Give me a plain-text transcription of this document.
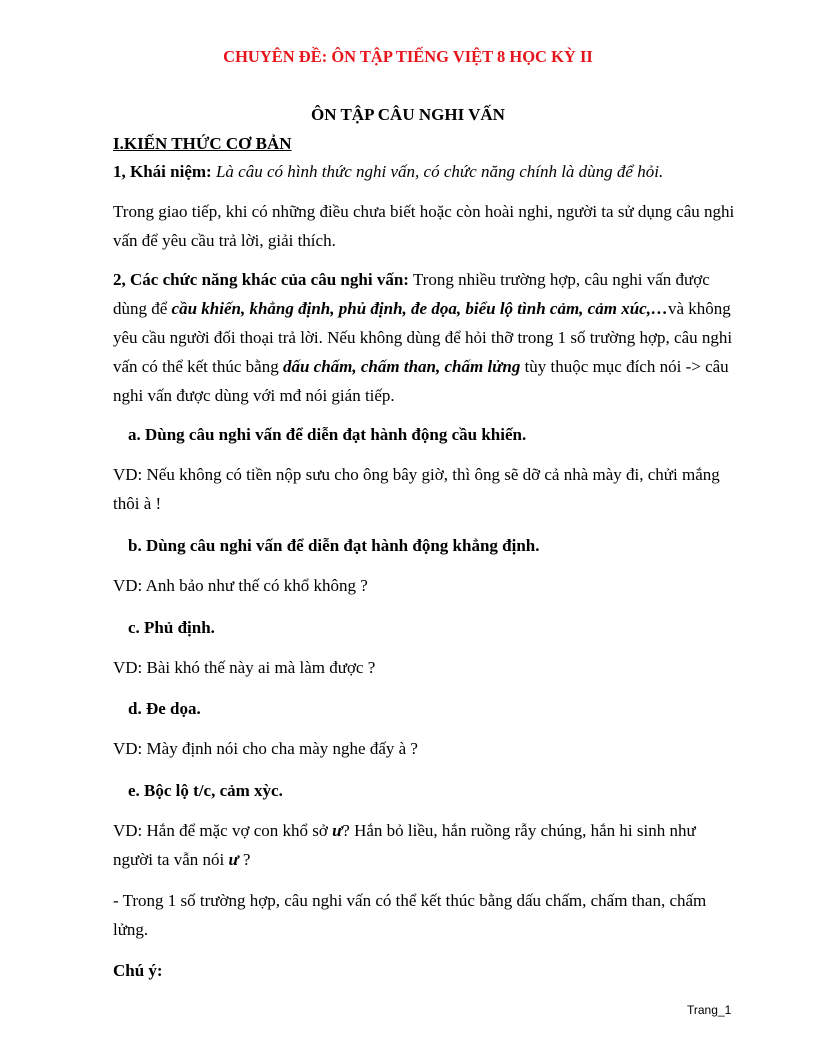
CHUYÊN ĐỀ: ÔN TẬP TIẾNG VIỆT 8 HỌC KỲ II
ÔN TẬP CÂU NGHI VẤN
I.KIẾN THỨC CƠ BẢN

1, Khái niệm: Là câu có hình thức nghi vấn, có chức năng chính là dùng để hỏi.

Trong giao tiếp, khi có những điều chưa biết hoặc còn hoài nghi, người ta sử dụng câu nghi vấn để yêu cầu trả lời, giải thích.

2, Các chức năng khác của câu nghi vấn: Trong nhiều trường hợp, câu nghi vấn được dùng để cầu khiến, khẳng định, phủ định, đe dọa, biểu lộ tình cảm, cảm xúc,…và không yêu cầu người đối thoại trả lời. Nếu không dùng để hỏi thỡ trong 1 số trường hợp, câu nghi vấn có thể kết thúc bằng dấu chấm, chấm than, chấm lửng tùy thuộc mục đích nói -> câu nghi vấn được dùng với mđ nói gián tiếp.

a. Dùng câu nghi vấn để diễn đạt hành động cầu khiến.

VD: Nếu không có tiền nộp sưu cho ông bây giờ, thì ông sẽ dỡ cả nhà mày đi, chửi mắng thôi à !

b. Dùng câu nghi vấn để diễn đạt hành động khẳng định.

VD: Anh bảo như thế có khổ không ?

c. Phủ định.

VD: Bài khó thế này ai mà làm được ?

d. Đe dọa.

VD: Mày định nói cho cha mày nghe đấy à ?

e. Bộc lộ t/c, cảm xỳc.

VD: Hắn để mặc vợ con khổ sở ư? Hắn bỏ liều, hắn ruồng rẫy chúng, hắn hi sinh như người ta vẫn nói ư ?

- Trong 1 số trường hợp, câu nghi vấn có thể kết thúc bằng dấu chấm, chấm than, chấm lửng.

Chú ý:

Trang_1
